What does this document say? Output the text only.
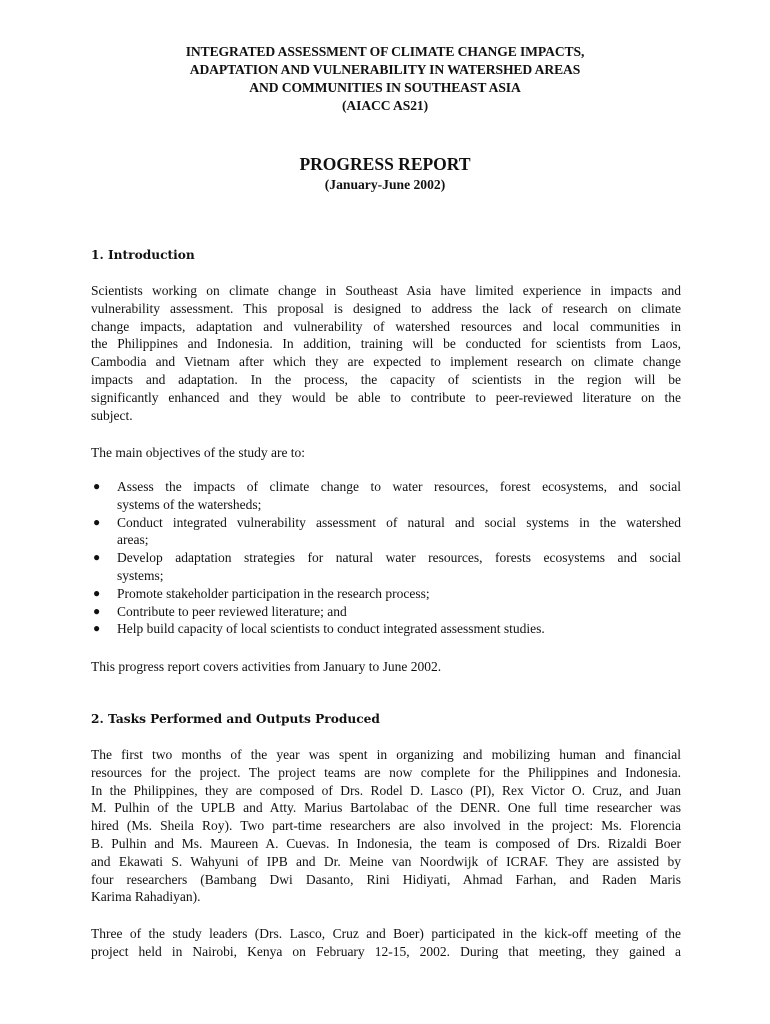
INTEGRATED ASSESSMENT OF CLIMATE CHANGE IMPACTS,
ADAPTATION AND VULNERABILITY IN WATERSHED AREAS
AND COMMUNITIES IN SOUTHEAST ASIA
(AIACC AS21)
PROGRESS REPORT
(January-June 2002)
1. Introduction
Scientists working on climate change in Southeast Asia have limited experience in impacts and
vulnerability assessment. This proposal is designed to address the lack of research on climate
change impacts, adaptation and vulnerability of watershed resources and local communities in
the Philippines and Indonesia. In addition, training will be conducted for scientists from Laos,
Cambodia and Vietnam after which they are expected to implement research on climate change
impacts and adaptation. In the process, the capacity of scientists in the region will be
significantly enhanced and they would be able to contribute to peer-reviewed literature on the
subject.
The main objectives of the study are to:
● Assess the impacts of climate change to water resources, forest ecosystems, and social
systems of the watersheds;
● Conduct integrated vulnerability assessment of natural and social systems in the watershed
areas;
● Develop adaptation strategies for natural water resources, forests ecosystems and social
systems;
● Promote stakeholder participation in the research process;
● Contribute to peer reviewed literature; and
● Help build capacity of local scientists to conduct integrated assessment studies.
This progress report covers activities from January to June 2002.
2. Tasks Performed and Outputs Produced
The first two months of the year was spent in organizing and mobilizing human and financial
resources for the project. The project teams are now complete for the Philippines and Indonesia.
In the Philippines, they are composed of Drs. Rodel D. Lasco (PI), Rex Victor O. Cruz, and Juan
M. Pulhin of the UPLB and Atty. Marius Bartolabac of the DENR. One full time researcher was
hired (Ms. Sheila Roy). Two part-time researchers are also involved in the project: Ms. Florencia
B. Pulhin and Ms. Maureen A. Cuevas. In Indonesia, the team is composed of Drs. Rizaldi Boer
and Ekawati S. Wahyuni of IPB and Dr. Meine van Noordwijk of ICRAF. They are assisted by
four researchers (Bambang Dwi Dasanto, Rini Hidiyati, Ahmad Farhan, and Raden Maris
Karima Rahadiyan).
Three of the study leaders (Drs. Lasco, Cruz and Boer) participated in the kick-off meeting of the
project held in Nairobi, Kenya on February 12-15, 2002. During that meeting, they gained a
